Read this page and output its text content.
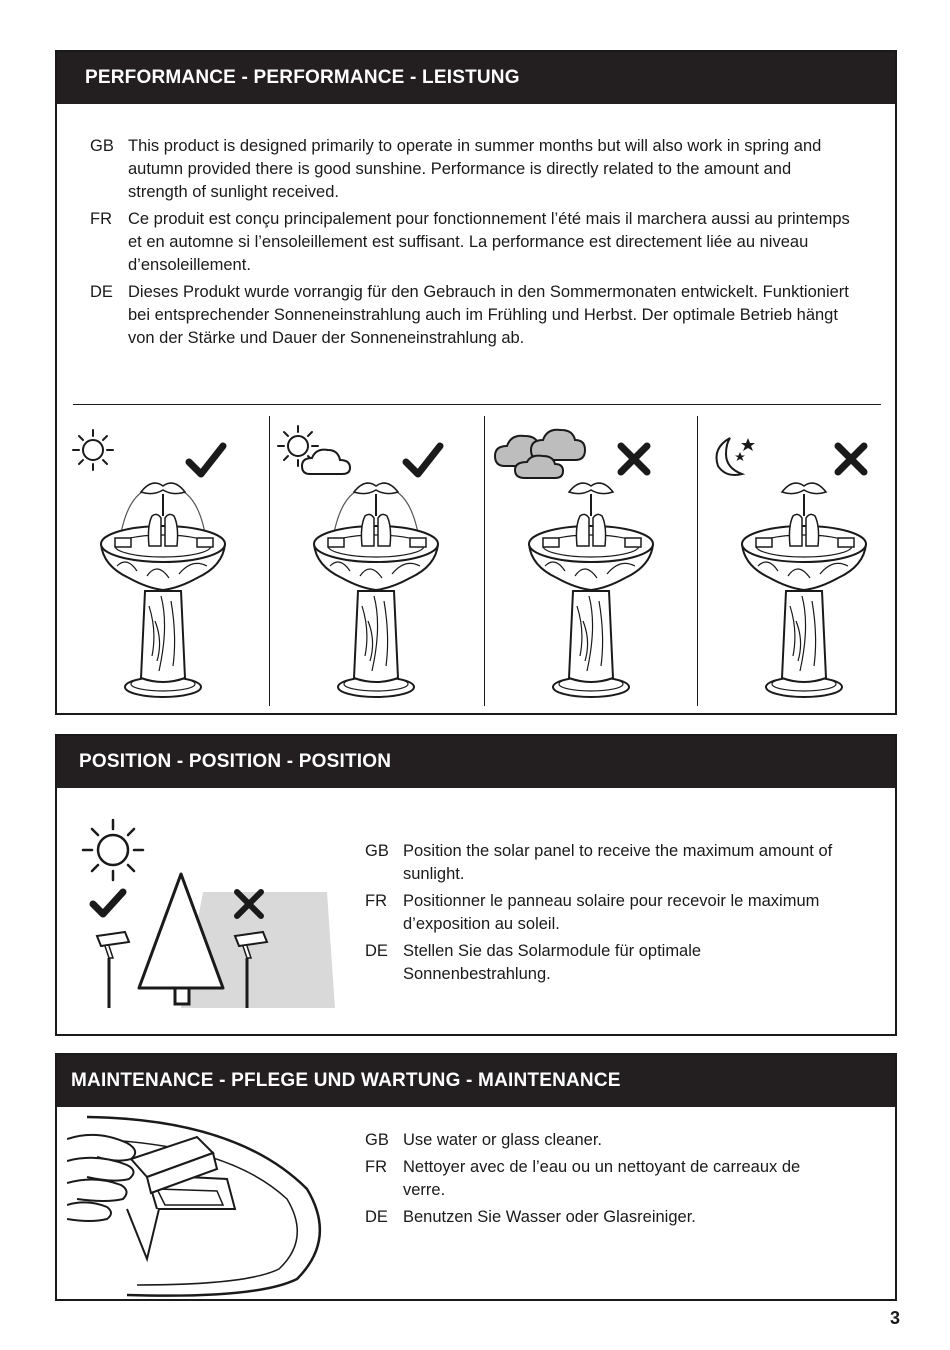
PERFORMANCE - PERFORMANCE - LEISTUNG
GB This product is designed primarily to operate in summer months but will also work in spring and autumn provided there is good sunshine. Performance is directly related to the amount and strength of sunlight received.
FR Ce produit est conçu principalement pour fonctionnement l’été mais il marchera aussi au printemps et en automne si l’ensoleillement est suffisant. La performance est directement liée au niveau d’ensoleillement.
DE Dieses Produkt wurde vorrangig für den Gebrauch in den Sommermonaten entwickelt. Funktioniert bei entsprechender Sonneneinstrahlung auch im Frühling und Herbst. Der optimale Betrieb hängt von der Stärke und Dauer der Sonneneinstrahlung ab.
POSITION - POSITION - POSITION
GB Position the solar panel to receive the maximum amount of sunlight.
FR Positionner le panneau solaire pour recevoir le maximum d’exposition au soleil.
DE Stellen Sie das Solarmodule für optimale Sonnenbestrahlung.
MAINTENANCE - PFLEGE UND WARTUNG - MAINTENANCE
GB Use water or glass cleaner.
FR Nettoyer avec de l’eau ou un nettoyant de carreaux de verre.
DE Benutzen Sie Wasser oder Glasreiniger.
3
